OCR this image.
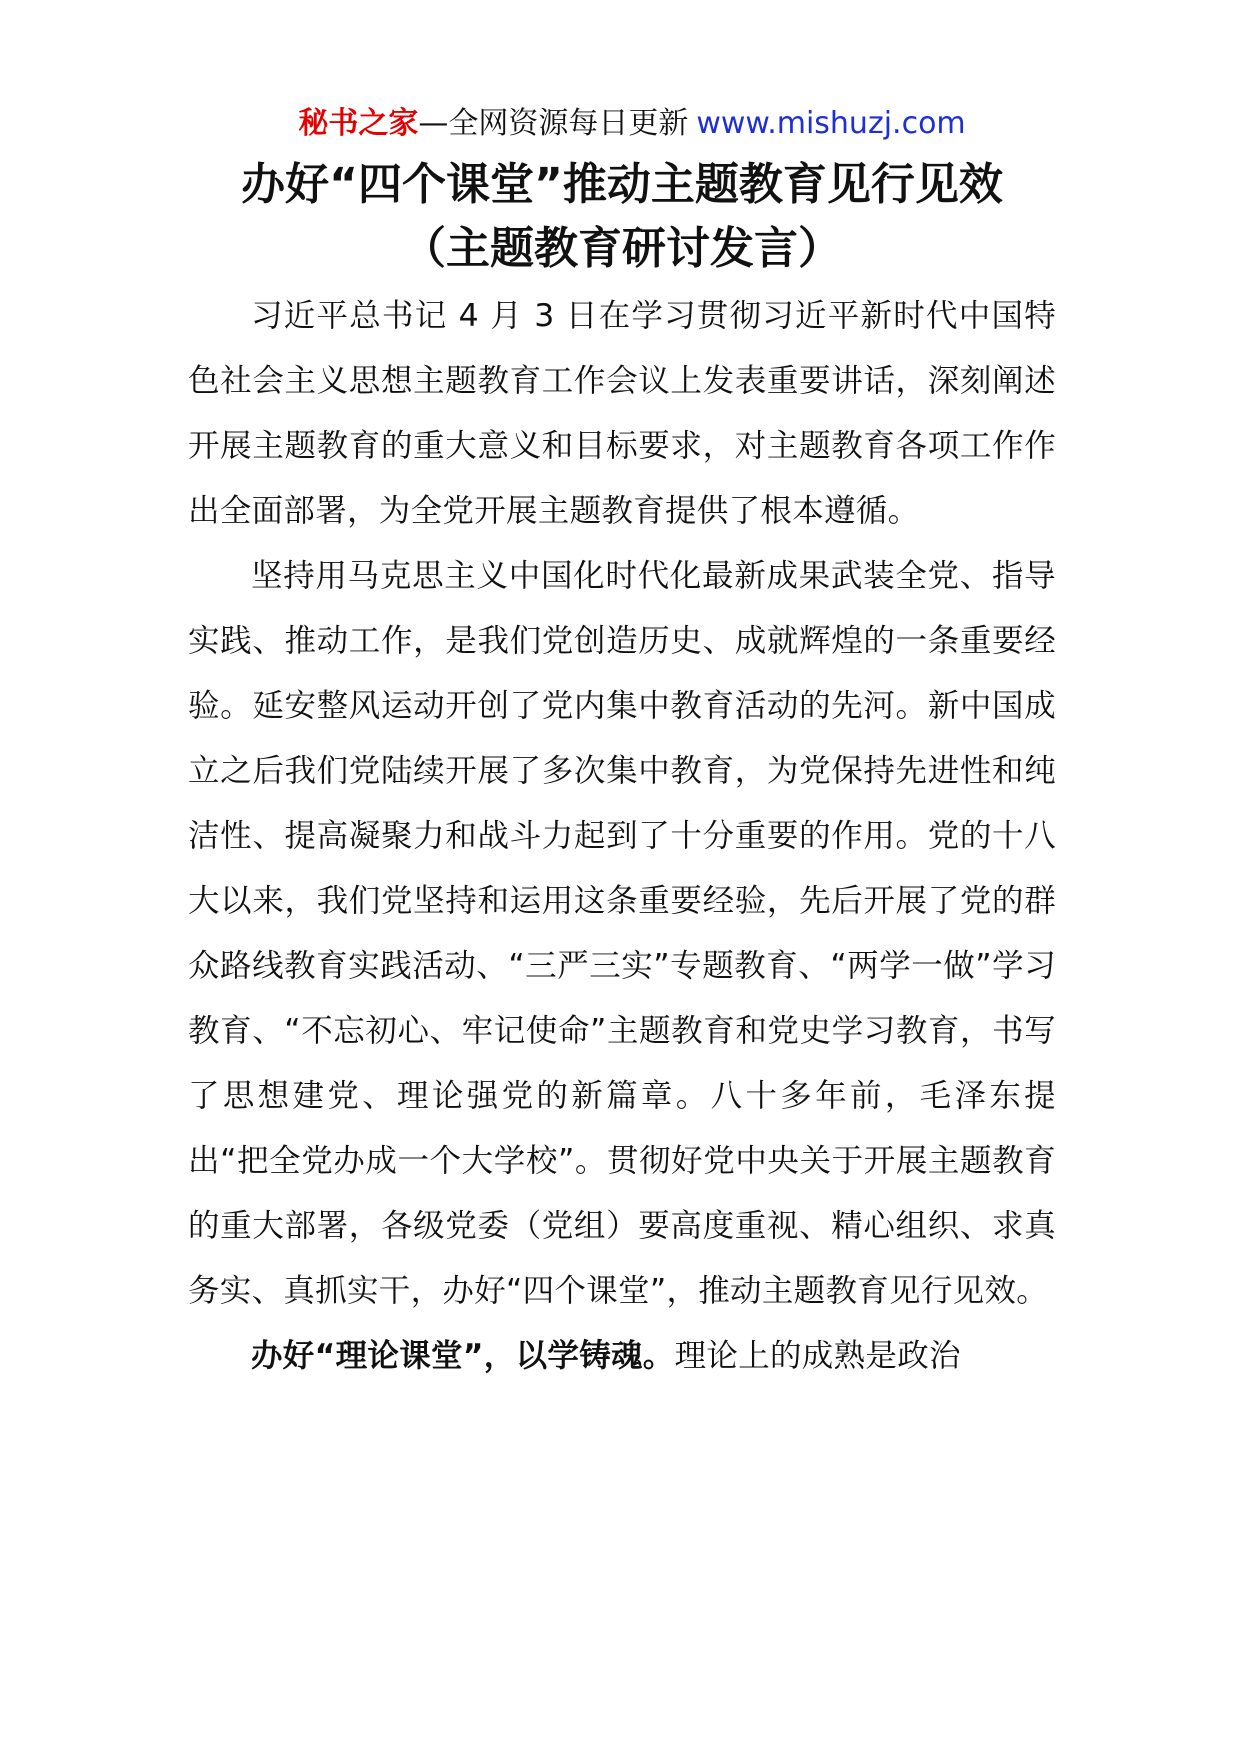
秘书之家—全网资源每日更新 www.mishuzj.com
办好“四个课堂”推动主题教育见行见效
（主题教育研讨发言）

习近平总书记 4 月 3 日在学习贯彻习近平新时代中国特色社会主义思想主题教育工作会议上发表重要讲话，深刻阐述开展主题教育的重大意义和目标要求，对主题教育各项工作作出全面部署，为全党开展主题教育提供了根本遵循。

坚持用马克思主义中国化时代化最新成果武装全党、指导实践、推动工作，是我们党创造历史、成就辉煌的一条重要经验。延安整风运动开创了党内集中教育活动的先河。新中国成立之后我们党陆续开展了多次集中教育，为党保持先进性和纯洁性、提高凝聚力和战斗力起到了十分重要的作用。党的十八大以来，我们党坚持和运用这条重要经验，先后开展了党的群众路线教育实践活动、“三严三实”专题教育、“两学一做”学习教育、“不忘初心、牢记使命”主题教育和党史学习教育，书写了思想建党、理论强党的新篇章。八十多年前，毛泽东提出“把全党办成一个大学校”。贯彻好党中央关于开展主题教育的重大部署，各级党委（党组）要高度重视、精心组织、求真务实、真抓实干，办好“四个课堂”，推动主题教育见行见效。

办好“理论课堂”，以学铸魂。理论上的成熟是政治
